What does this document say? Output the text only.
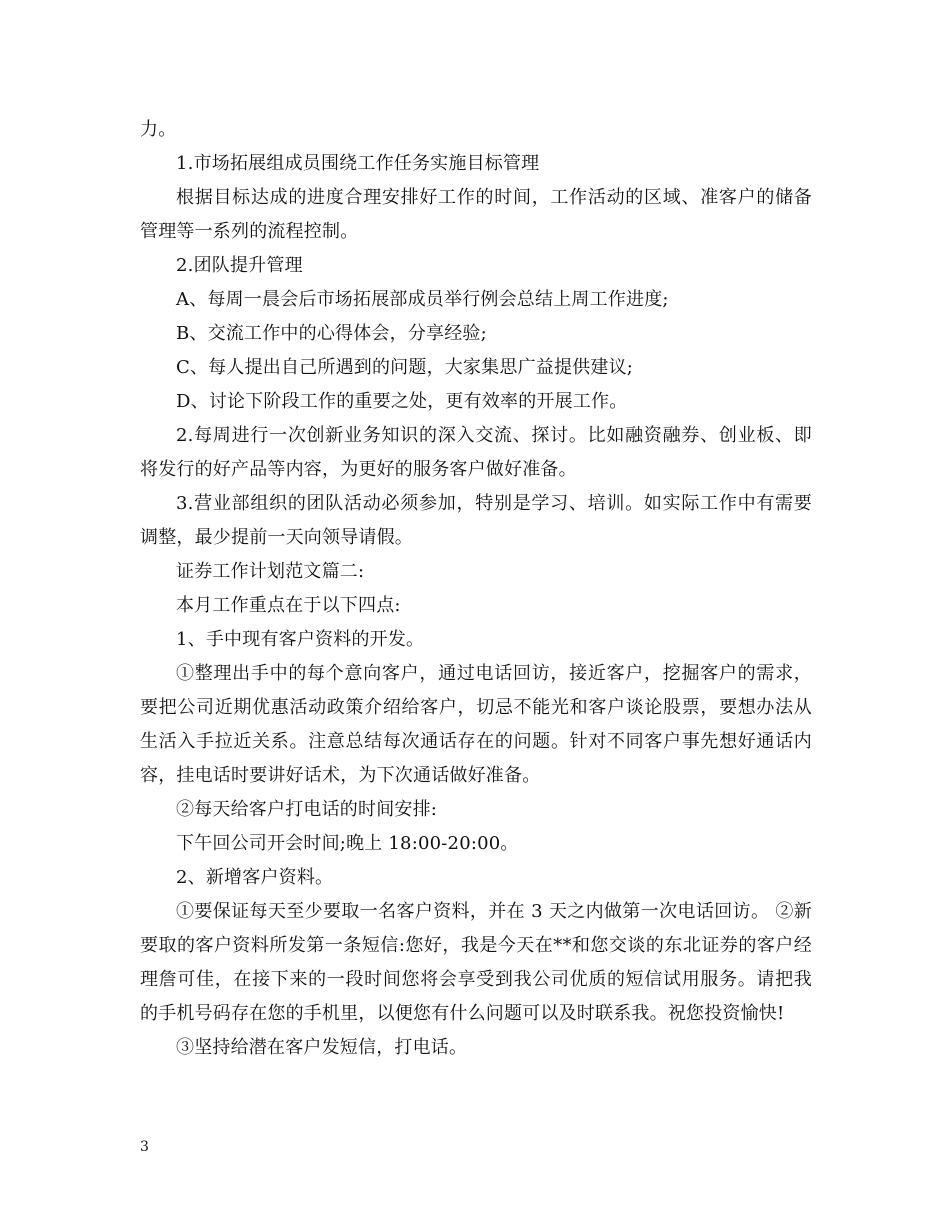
力。

1.市场拓展组成员围绕工作任务实施目标管理

根据目标达成的进度合理安排好工作的时间，工作活动的区域、准客户的储备管理等一系列的流程控制。

2.团队提升管理

A、每周一晨会后市场拓展部成员举行例会总结上周工作进度;

B、交流工作中的心得体会，分享经验;

C、每人提出自己所遇到的问题，大家集思广益提供建议;

D、讨论下阶段工作的重要之处，更有效率的开展工作。

2.每周进行一次创新业务知识的深入交流、探讨。比如融资融券、创业板、即将发行的好产品等内容，为更好的服务客户做好准备。

3.营业部组织的团队活动必须参加，特别是学习、培训。如实际工作中有需要调整，最少提前一天向领导请假。

证券工作计划范文篇二:

本月工作重点在于以下四点:

1、手中现有客户资料的开发。

①整理出手中的每个意向客户，通过电话回访，接近客户，挖掘客户的需求，要把公司近期优惠活动政策介绍给客户，切忌不能光和客户谈论股票，要想办法从生活入手拉近关系。注意总结每次通话存在的问题。针对不同客户事先想好通话内容，挂电话时要讲好话术，为下次通话做好准备。

②每天给客户打电话的时间安排:

下午回公司开会时间;晚上 18:00-20:00。

2、新增客户资料。

①要保证每天至少要取一名客户资料，并在 3 天之内做第一次电话回访。 ②新要取的客户资料所发第一条短信:您好，我是今天在**和您交谈的东北证券的客户经理詹可佳，在接下来的一段时间您将会享受到我公司优质的短信试用服务。请把我的手机号码存在您的手机里，以便您有什么问题可以及时联系我。祝您投资愉快!

③坚持给潜在客户发短信，打电话。

3
